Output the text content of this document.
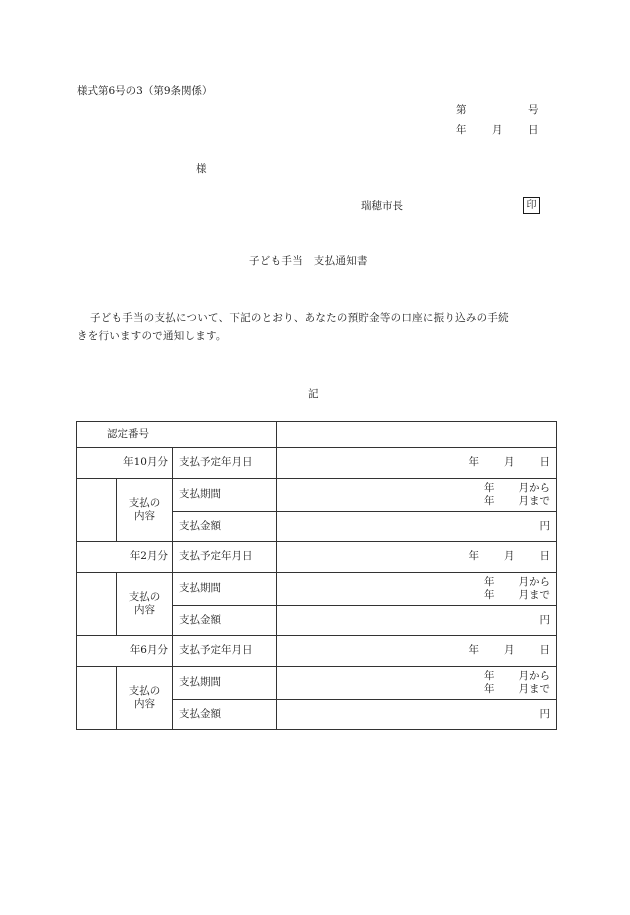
様式第6号の3（第9条関係）
第	号
年 月 日
様
瑞穂市長	印
子ども手当　支払通知書
子ども手当の支払について、下記のとおり、あなたの預貯金等の口座に振り込みの手続
きを行いますので通知します。
記
認定番号			
年10月分		支払予定年月日	年 月 日
	支払の
内容	支払期間	年 月から
年 月まで

		支払金額	円
年2月分		支払予定年月日	年 月 日
	支払の
内容	支払期間	年 月から
年 月まで

		支払金額	円
年6月分		支払予定年月日	年 月 日
	支払の
内容	支払期間	年 月から
年 月まで

		支払金額	円
